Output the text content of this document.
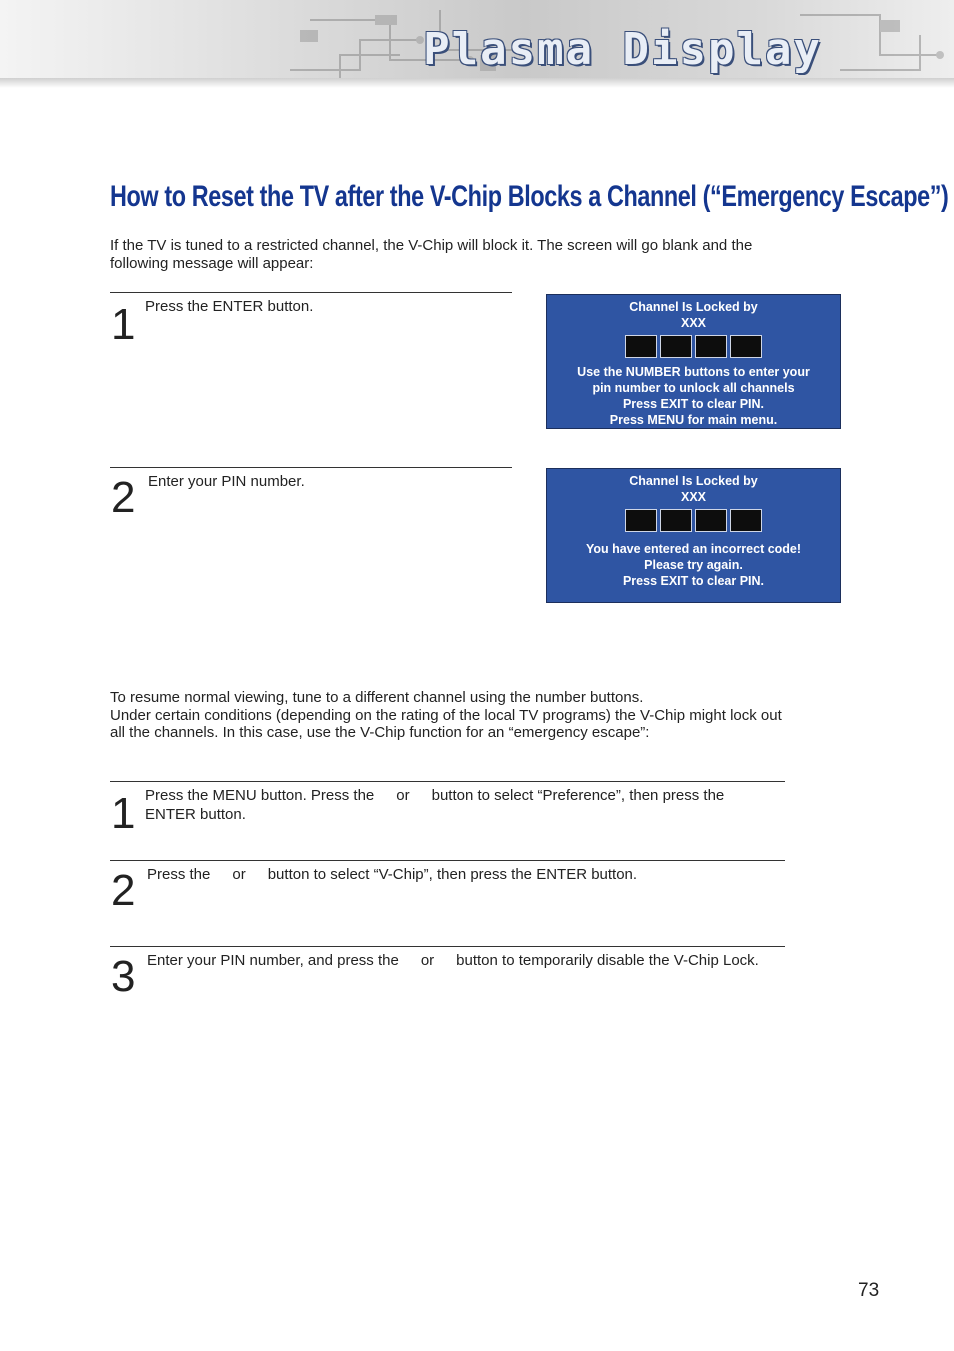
Plasma Display
How to Reset the TV after the V-Chip Blocks a Channel (“Emergency Escape”)
If the TV is tuned to a restricted channel, the V-Chip will block it. The screen will go blank and the
following message will appear:
1 Press the ENTER button.	Channel Is Locked by
XXX
Use the NUMBER buttons to enter your
pin number to unlock all channels
Press EXIT to clear PIN.
Press MENU for main menu.
2 Enter your PIN number.	Channel Is Locked by
XXX
You have entered an incorrect code!
Please try again.
Press EXIT to clear PIN.
To resume normal viewing, tune to a different channel using the number buttons.
Under certain conditions (depending on the rating of the local TV programs) the V-Chip might lock out
all the channels. In this case, use the V-Chip function for an “emergency escape”:
1 Press the MENU button. Press the or button to select “Preference”, then press the
ENTER button.
2 Press the or button to select “V-Chip”, then press the ENTER button.
3 Enter your PIN number, and press the or button to temporarily disable the V-Chip Lock.
73
